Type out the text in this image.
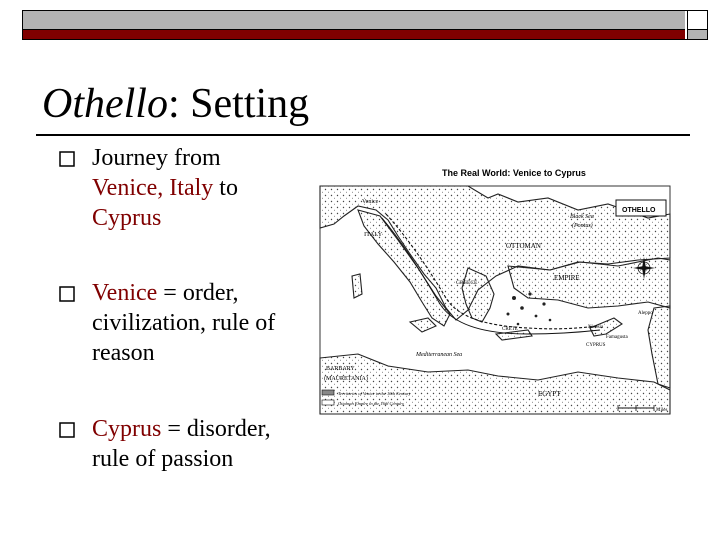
Othello: Setting
Journey from
Venice, Italy to
Cyprus
Venice = order,
civilization, rule of
reason
Cyprus = disorder,
rule of passion
The Real World: Venice to Cyprus
Venice
ITALY
Black Sea
(Pontus)
OTHELLO
OTTOMAN
EMPIRE
GREECE
CRETE	Nicosia
Famagusta
CYPRUS
Aleppo
Mediterranean Sea
BARBARY
(MAURETANIA)
EGYPT
Territories of Venice in the 16th Century
Ottoman Empire in the 16th Century
Miles
